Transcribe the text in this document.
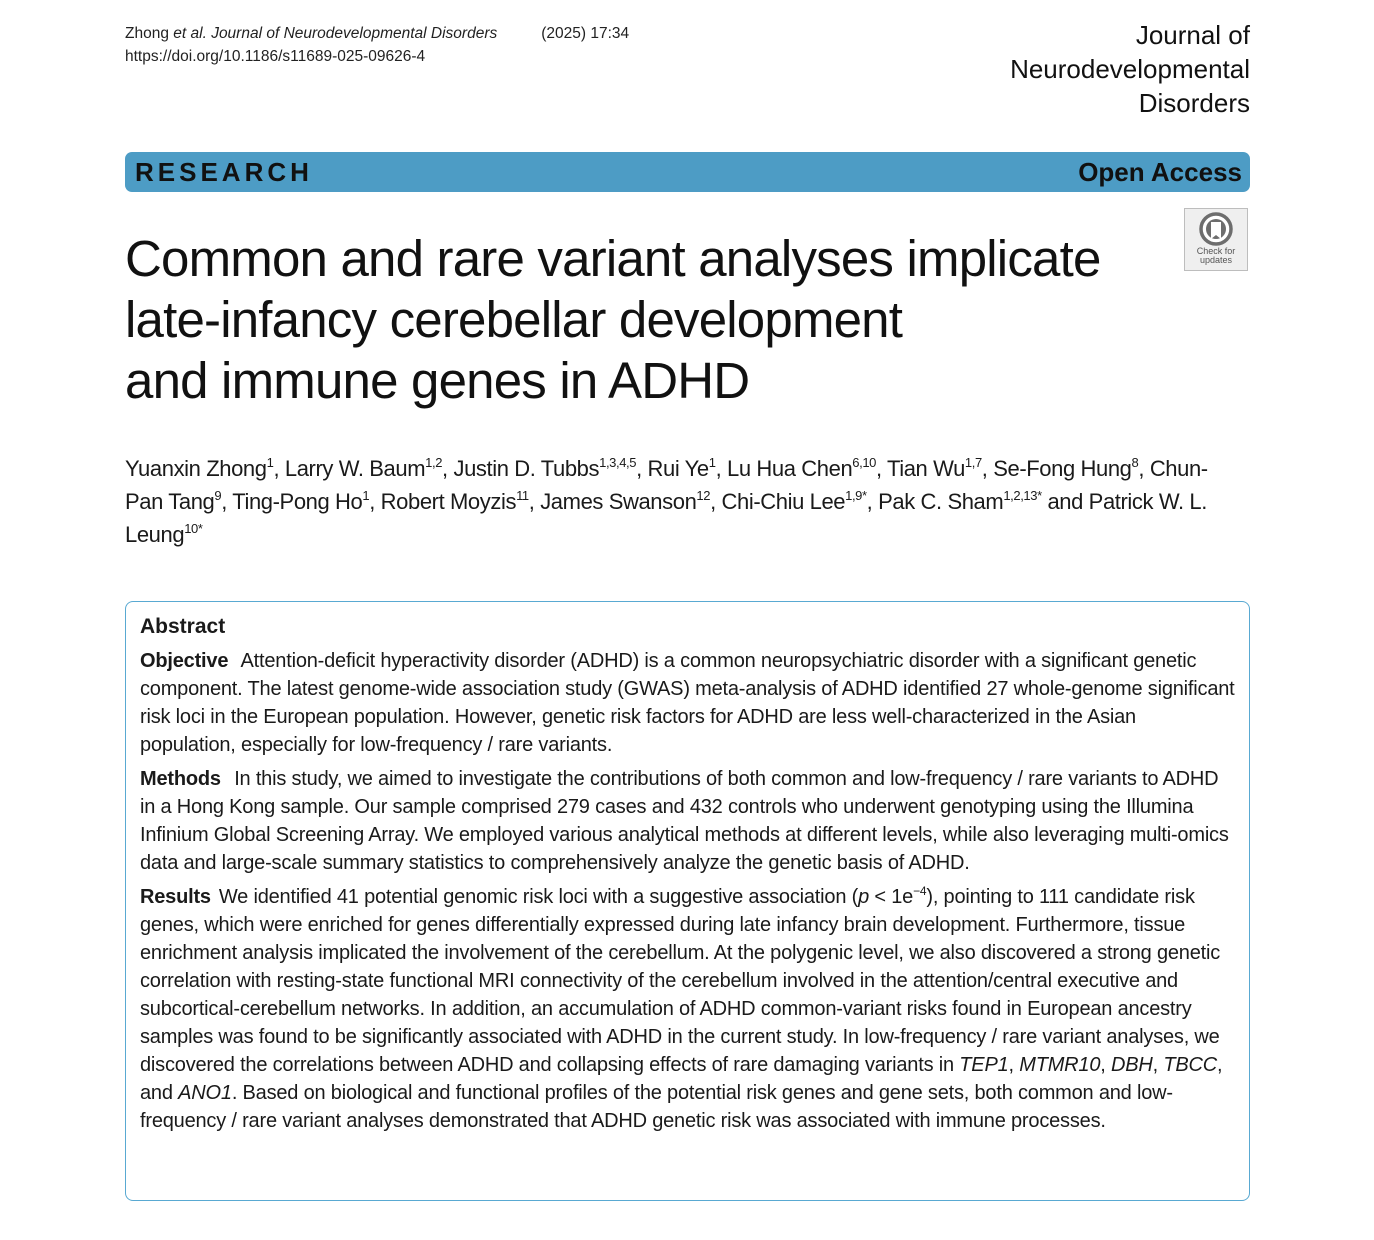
Zhong et al. Journal of Neurodevelopmental Disorders	(2025) 17:34
https://doi.org/10.1186/s11689-025-09626-4
Journal of
Neurodevelopmental
Disorders
RESEARCH	Open Access
Check for
updates
Common and rare variant analyses implicate
late-infancy cerebellar development
and immune genes in ADHD
Yuanxin Zhong$^1$, Larry W. Baum$^{1,2}$, Justin D. Tubbs$^{1,3,4,5}$, Rui Ye$^1$, Lu Hua Chen$^{6,10}$, Tian Wu$^{1,7}$, Se-Fong Hung$^8$, Chun-Pan Tang$^9$, Ting-Pong Ho$^1$, Robert Moyzis$^{11}$, James Swanson$^{12}$, Chi-Chiu Lee$^{1,9*}$, Pak C. Sham$^{1,2,13*}$ and Patrick W. L. Leung$^{10*}$
Abstract

Objective Attention-deficit hyperactivity disorder (ADHD) is a common neuropsychiatric disorder with a significant genetic component. The latest genome-wide association study (GWAS) meta-analysis of ADHD identified 27 whole-genome significant risk loci in the European population. However, genetic risk factors for ADHD are less well-characterized in the Asian population, especially for low-frequency / rare variants.

Methods In this study, we aimed to investigate the contributions of both common and low-frequency / rare variants to ADHD in a Hong Kong sample. Our sample comprised 279 cases and 432 controls who underwent genotyping using the Illumina Infinium Global Screening Array. We employed various analytical methods at different levels, while also leveraging multi-omics data and large-scale summary statistics to comprehensively analyze the genetic basis of ADHD.

Results We identified 41 potential genomic risk loci with a suggestive association $(p < 1e^{-4})$, pointing to 111 candidate risk genes, which were enriched for genes differentially expressed during late infancy brain development. Furthermore, tissue enrichment analysis implicated the involvement of the cerebellum. At the polygenic level, we also discovered a strong genetic correlation with resting-state functional MRI connectivity of the cerebellum involved in the attention/central executive and subcortical-cerebellum networks. In addition, an accumulation of ADHD common-variant risks found in European ancestry samples was found to be significantly associated with ADHD in the current study. In low-frequency / rare variant analyses, we discovered the correlations between ADHD and collapsing effects of rare damaging variants in TEP1, MTMR10, DBH, TBCC, and ANO1. Based on biological and functional profiles of the potential risk genes and gene sets, both common and low-frequency / rare variant analyses demonstrated that ADHD genetic risk was associated with immune processes.
